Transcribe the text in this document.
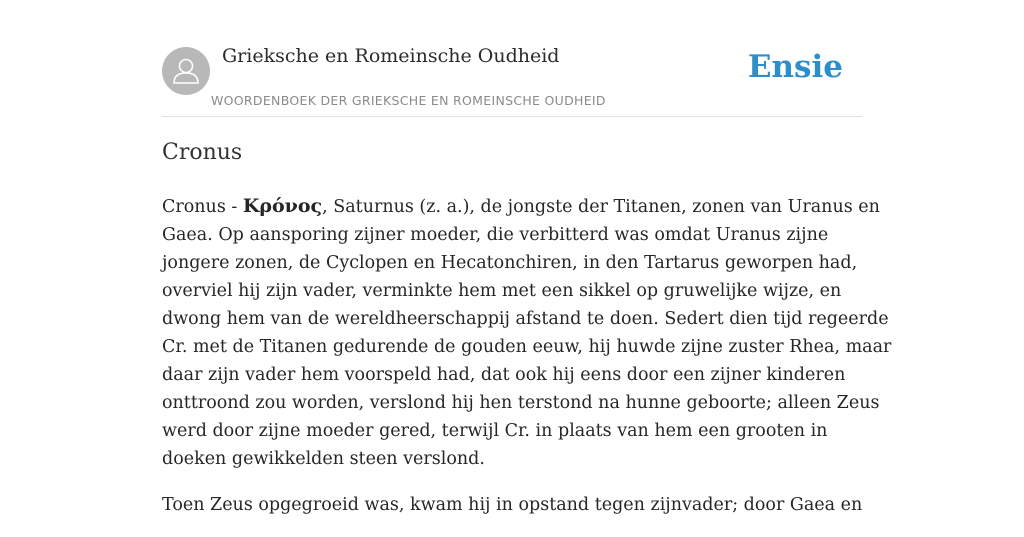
Grieksche en Romeinsche Oudheid
WOORDENBOEK DER GRIEKSCHE EN ROMEINSCHE OUDHEID
Ensie
Cronus

Cronus - Κρόνος, Saturnus (z. a.), de jongste der Titanen, zonen van Uranus en
Gaea. Op aansporing zijner moeder, die verbitterd was omdat Uranus zijne
jongere zonen, de Cyclopen en Hecatonchiren, in den Tartarus geworpen had,
overviel hij zijn vader, verminkte hem met een sikkel op gruwelijke wijze, en
dwong hem van de wereldheerschappij afstand te doen. Sedert dien tijd regeerde
Cr. met de Titanen gedurende de gouden eeuw, hij huwde zijne zuster Rhea, maar
daar zijn vader hem voorspeld had, dat ook hij eens door een zijner kinderen
onttroond zou worden, verslond hij hen terstond na hunne geboorte; alleen Zeus
werd door zijne moeder gered, terwijl Cr. in plaats van hem een grooten in
doeken gewikkelden steen verslond.

Toen Zeus opgegroeid was, kwam hij in opstand tegen zijnvader; door Gaea en
